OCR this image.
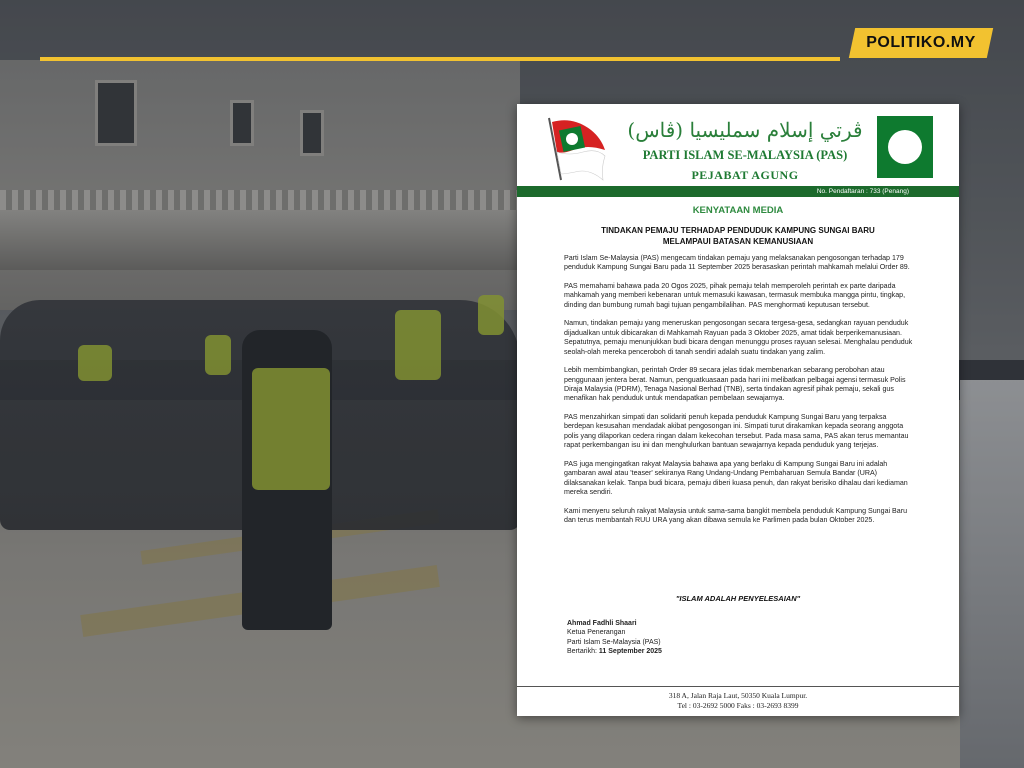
POLITIKO.MY
ڤرتي إسلام سمليسيا (ڤاس)
PARTI ISLAM SE-MALAYSIA (PAS)
PEJABAT AGUNG
No. Pendaftaran : 733 (Penang)
KENYATAAN MEDIA
TINDAKAN PEMAJU TERHADAP PENDUDUK KAMPUNG SUNGAI BARU
MELAMPAUI BATASAN KEMANUSIAAN

Parti Islam Se-Malaysia (PAS) mengecam tindakan pemaju yang melaksanakan pengosongan terhadap 179 penduduk Kampung Sungai Baru pada 11 September 2025 berasaskan perintah mahkamah melalui Order 89.

PAS memahami bahawa pada 20 Ogos 2025, pihak pemaju telah memperoleh perintah ex parte daripada mahkamah yang memberi kebenaran untuk memasuki kawasan, termasuk membuka mangga pintu, tingkap, dinding dan bumbung rumah bagi tujuan pengambilalihan. PAS menghormati keputusan tersebut.

Namun, tindakan pemaju yang meneruskan pengosongan secara tergesa-gesa, sedangkan rayuan penduduk dijadualkan untuk dibicarakan di Mahkamah Rayuan pada 3 Oktober 2025, amat tidak berperikemanusiaan. Sepatutnya, pemaju menunjukkan budi bicara dengan menunggu proses rayuan selesai. Menghalau penduduk seolah-olah mereka penceroboh di tanah sendiri adalah suatu tindakan yang zalim.

Lebih membimbangkan, perintah Order 89 secara jelas tidak membenarkan sebarang perobohan atau penggunaan jentera berat. Namun, penguatkuasaan pada hari ini melibatkan pelbagai agensi termasuk Polis Diraja Malaysia (PDRM), Tenaga Nasional Berhad (TNB), serta tindakan agresif pihak pemaju, sekali gus menafikan hak penduduk untuk mendapatkan pembelaan sewajarnya.

PAS menzahirkan simpati dan solidariti penuh kepada penduduk Kampung Sungai Baru yang terpaksa berdepan kesusahan mendadak akibat pengosongan ini. Simpati turut dirakamkan kepada seorang anggota polis yang dilaporkan cedera ringan dalam kekecohan tersebut. Pada masa sama, PAS akan terus memantau rapat perkembangan isu ini dan menghulurkan bantuan sewajarnya kepada penduduk yang terjejas.

PAS juga mengingatkan rakyat Malaysia bahawa apa yang berlaku di Kampung Sungai Baru ini adalah gambaran awal atau 'teaser' sekiranya Rang Undang-Undang Pembaharuan Semula Bandar (URA) dilaksanakan kelak. Tanpa budi bicara, pemaju diberi kuasa penuh, dan rakyat berisiko dihalau dari kediaman mereka sendiri.

Kami menyeru seluruh rakyat Malaysia untuk sama-sama bangkit membela penduduk Kampung Sungai Baru dan terus membantah RUU URA yang akan dibawa semula ke Parlimen pada bulan Oktober 2025.

"ISLAM ADALAH PENYELESAIAN"
Ahmad Fadhli Shaari
Ketua Penerangan
Parti Islam Se-Malaysia (PAS)
Bertarikh: 11 September 2025
318 A, Jalan Raja Laut, 50350 Kuala Lumpur.
Tel : 03-2692 5000 Faks : 03-2693 8399
